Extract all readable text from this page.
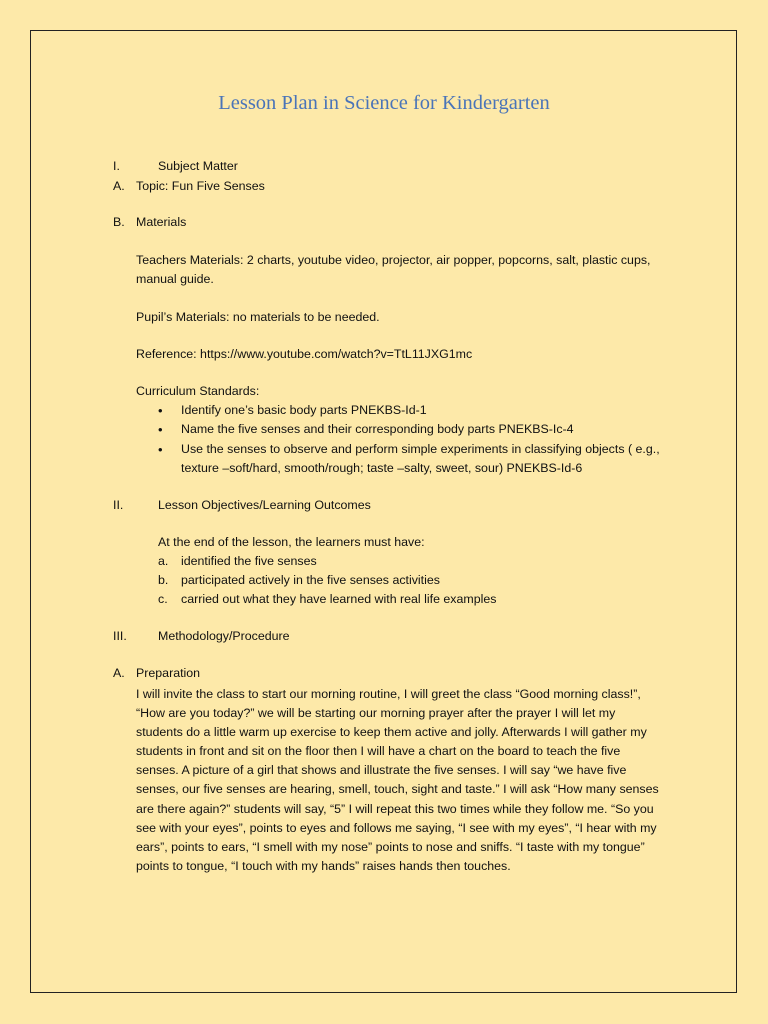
Lesson Plan in Science for Kindergarten
I.	Subject Matter
A. Topic: Fun Five Senses
B. Materials
Teachers Materials: 2 charts, youtube video, projector, air popper, popcorns, salt, plastic cups,
manual guide.
Pupil’s Materials: no materials to be needed.
Reference: https://www.youtube.com/watch?v=TtL11JXG1mc
Curriculum Standards:
• Identify one’s basic body parts PNEKBS-Id-1
• Name the five senses and their corresponding body parts PNEKBS-Ic-4
• Use the senses to observe and perform simple experiments in classifying objects ( e.g.,
texture –soft/hard, smooth/rough; taste –salty, sweet, sour) PNEKBS-Id-6
II.	Lesson Objectives/Learning Outcomes
At the end of the lesson, the learners must have:
a. identified the five senses
b. participated actively in the five senses activities
c. carried out what they have learned with real life examples
III.	Methodology/Procedure
A. Preparation
I will invite the class to start our morning routine, I will greet the class “Good morning class!”,
“How are you today?” we will be starting our morning prayer after the prayer I will let my
students do a little warm up exercise to keep them active and jolly. Afterwards I will gather my
students in front and sit on the floor then I will have a chart on the board to teach the five
senses. A picture of a girl that shows and illustrate the five senses. I will say “we have five
senses, our five senses are hearing, smell, touch, sight and taste.” I will ask “How many senses
are there again?” students will say, “5” I will repeat this two times while they follow me. “So you
see with your eyes”, points to eyes and follows me saying, “I see with my eyes”, “I hear with my
ears”, points to ears, “I smell with my nose” points to nose and sniffs. “I taste with my tongue”
points to tongue, “I touch with my hands” raises hands then touches.
